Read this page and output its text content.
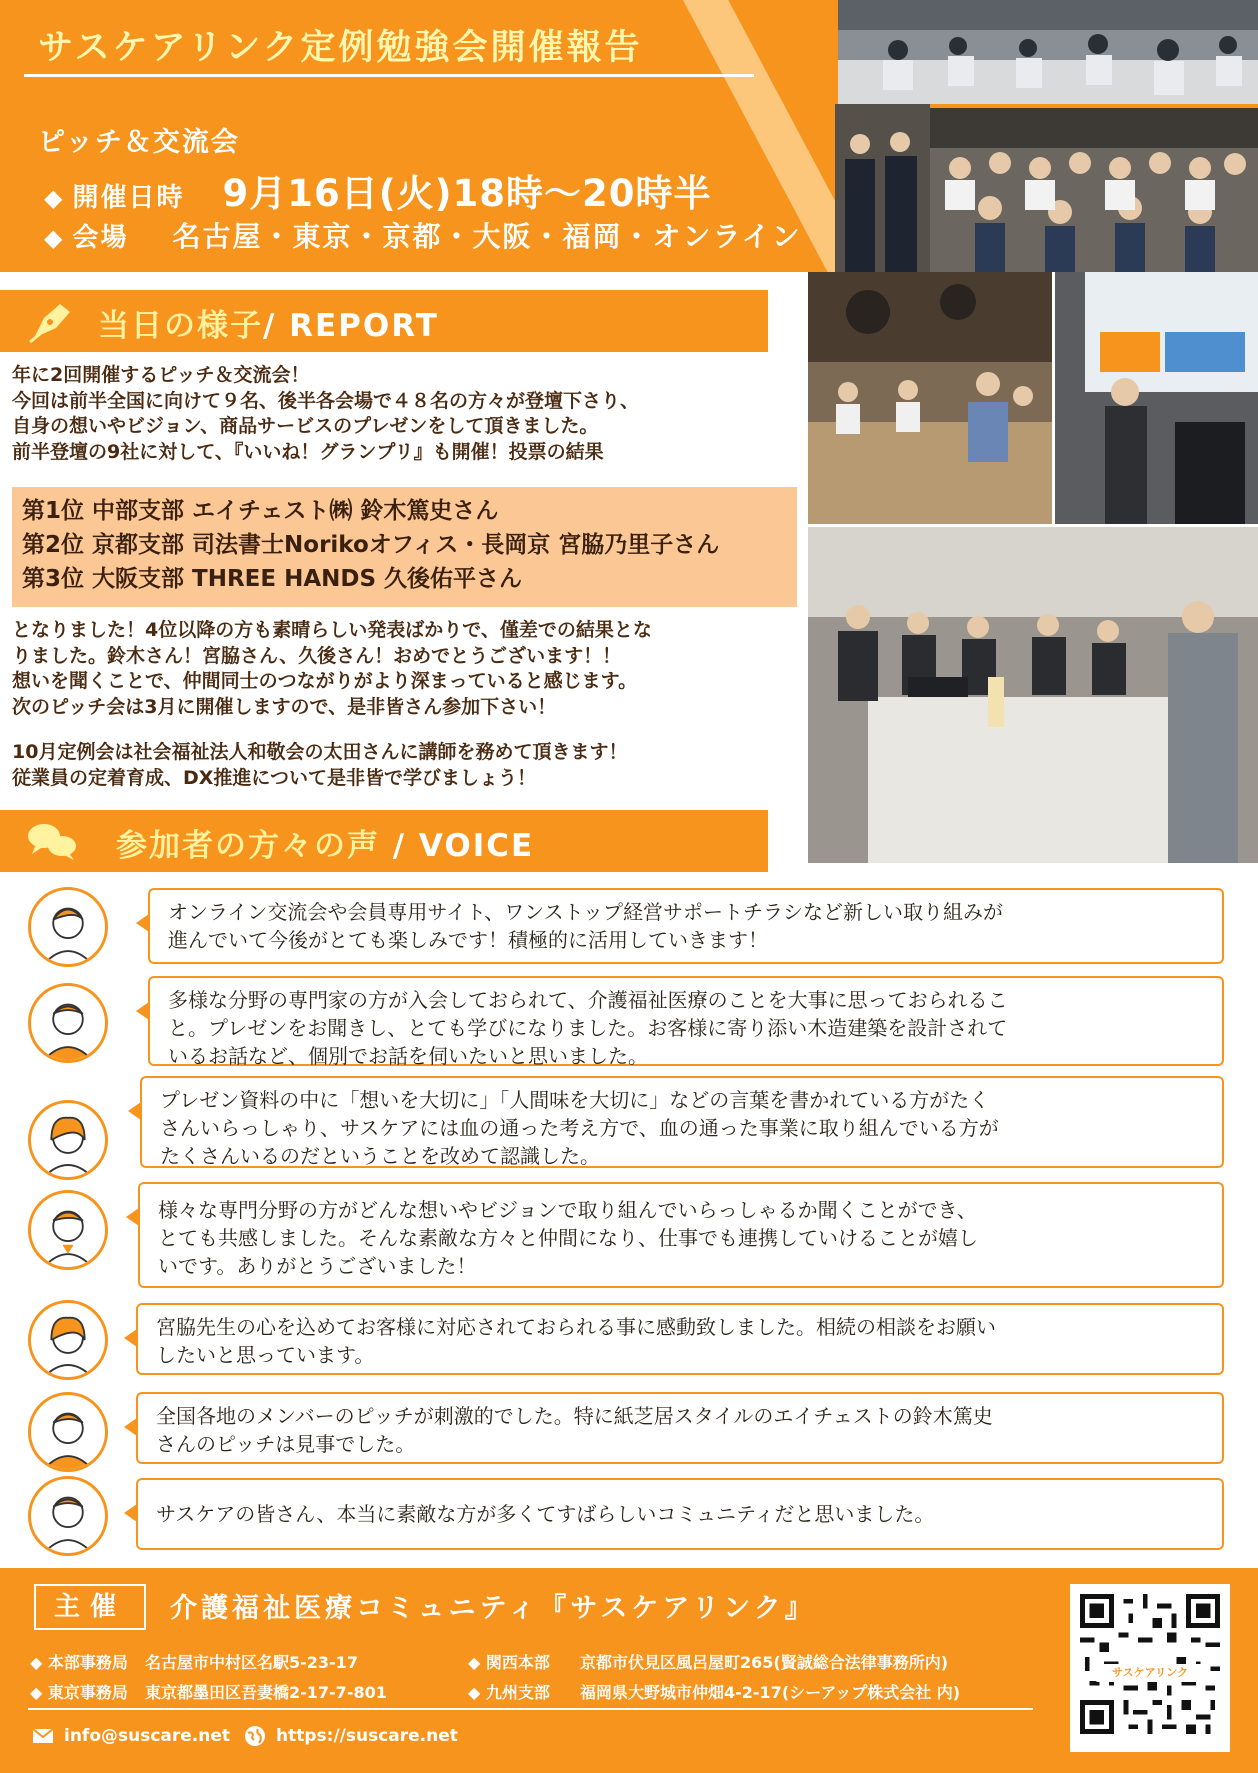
サスケアリンク定例勉強会開催報告
ピッチ＆交流会
◆ 開催日時	9月16日(火)18時～20時半
◆ 会場 名古屋・東京・京都・大阪・福岡・オンライン
当日の様子/ REPORT
年に2回開催するピッチ＆交流会！
今回は前半全国に向けて９名、後半各会場で４８名の方々が登壇下さり、
自身の想いやビジョン、商品サービスのプレゼンをして頂きました。
前半登壇の9社に対して、『いいね！グランプリ』も開催！投票の結果
第1位 中部支部 エイチェスト㈱ 鈴木篤史さん
第2位 京都支部 司法書士Norikoオフィス・長岡京 宮脇乃里子さん
第3位 大阪支部 THREE HANDS 久後佑平さん
となりました！4位以降の方も素晴らしい発表ばかりで、僅差での結果とな
りました。鈴木さん！宮脇さん、久後さん！おめでとうございます！！
想いを聞くことで、仲間同士のつながりがより深まっていると感じます。
次のピッチ会は3月に開催しますので、是非皆さん参加下さい！
10月定例会は社会福祉法人和敬会の太田さんに講師を務めて頂きます！
従業員の定着育成、DX推進について是非皆で学びましょう！
参加者の方々の声 / VOICE
オンライン交流会や会員専用サイト、ワンストップ経営サポートチラシなど新しい取り組みが
進んでいて今後がとても楽しみです！積極的に活用していきます！
多様な分野の専門家の方が入会しておられて、介護福祉医療のことを大事に思っておられるこ
と。プレゼンをお聞きし、とても学びになりました。お客様に寄り添い木造建築を設計されて
いるお話など、個別でお話を伺いたいと思いました。
プレゼン資料の中に「想いを大切に」「人間味を大切に」などの言葉を書かれている方がたく
さんいらっしゃり、サスケアには血の通った考え方で、血の通った事業に取り組んでいる方が
たくさんいるのだということを改めて認識した。
様々な専門分野の方がどんな想いやビジョンで取り組んでいらっしゃるか聞くことができ、
とても共感しました。そんな素敵な方々と仲間になり、仕事でも連携していけることが嬉し
いです。ありがとうございました！
宮脇先生の心を込めてお客様に対応されておられる事に感動致しました。相続の相談をお願い
したいと思っています。
全国各地のメンバーのピッチが刺激的でした。特に紙芝居スタイルのエイチェストの鈴木篤史
さんのピッチは見事でした。
サスケアの皆さん、本当に素敵な方が多くてすばらしいコミュニティだと思いました。
主催	介護福祉医療コミュニティ『サスケアリンク』
◆ 本部事務局 名古屋市中村区名駅5-23-17
◆ 東京事務局 東京都墨田区吾妻橋2-17-7-801
◆ 関西本部 京都市伏見区風呂屋町265(賢誠総合法律事務所内)
◆ 九州支部 福岡県大野城市仲畑4-2-17(シーアップ株式会社 内)
info@suscare.net	https://suscare.net
サスケアリンク
